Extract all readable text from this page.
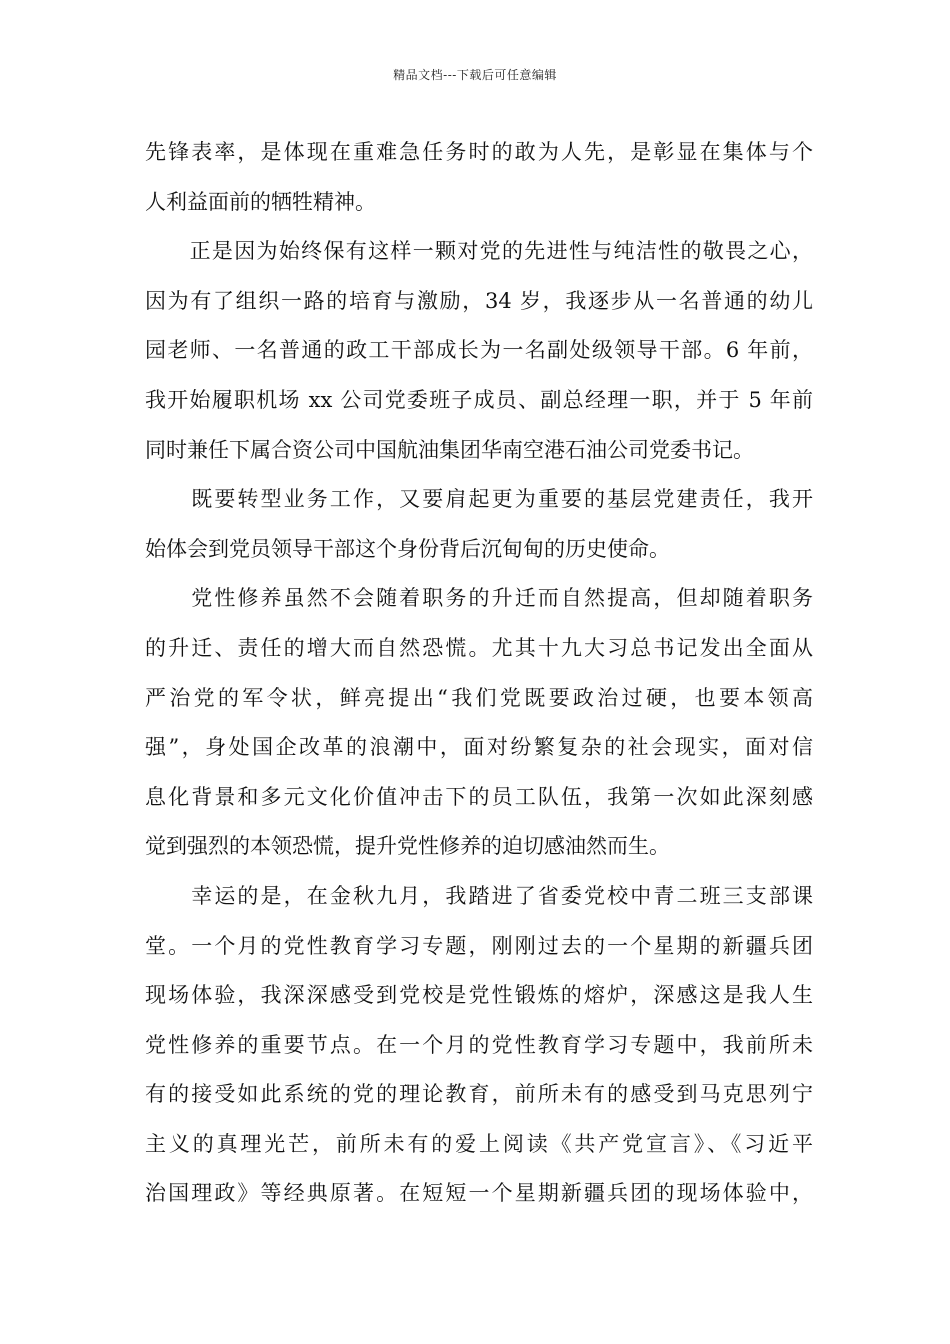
精品文档---下载后可任意编辑
先锋表率，是体现在重难急任务时的敢为人先，是彰显在集体与个
人利益面前的牺牲精神。
　　正是因为始终保有这样一颗对党的先进性与纯洁性的敬畏之心，
因为有了组织一路的培育与激励，34 岁，我逐步从一名普通的幼儿
园老师、一名普通的政工干部成长为一名副处级领导干部。6 年前，
我开始履职机场 xx 公司党委班子成员、副总经理一职，并于 5 年前
同时兼任下属合资公司中国航油集团华南空港石油公司党委书记。
　　既要转型业务工作，又要肩起更为重要的基层党建责任，我开
始体会到党员领导干部这个身份背后沉甸甸的历史使命。
　　党性修养虽然不会随着职务的升迁而自然提高，但却随着职务
的升迁、责任的增大而自然恐慌。尤其十九大习总书记发出全面从
严治党的军令状，鲜亮提出“我们党既要政治过硬，也要本领高
强”，身处国企改革的浪潮中，面对纷繁复杂的社会现实，面对信
息化背景和多元文化价值冲击下的员工队伍，我第一次如此深刻感
觉到强烈的本领恐慌，提升党性修养的迫切感油然而生。
　　幸运的是，在金秋九月，我踏进了省委党校中青二班三支部课
堂。一个月的党性教育学习专题，刚刚过去的一个星期的新疆兵团
现场体验，我深深感受到党校是党性锻炼的熔炉，深感这是我人生
党性修养的重要节点。在一个月的党性教育学习专题中，我前所未
有的接受如此系统的党的理论教育，前所未有的感受到马克思列宁
主义的真理光芒，前所未有的爱上阅读《共产党宣言》、《习近平
治国理政》等经典原著。在短短一个星期新疆兵团的现场体验中，
